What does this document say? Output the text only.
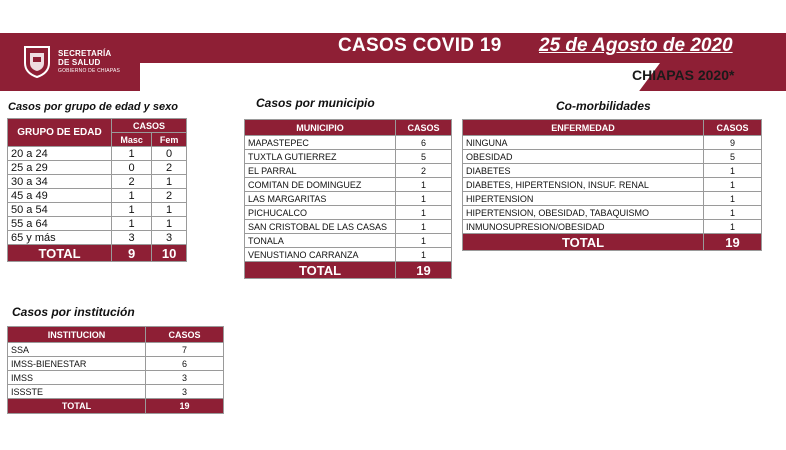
SECRETARÍA
DE SALUD
GOBIERNO DE CHIAPAS
CASOS COVID 19 25 de Agosto de 2020
CHIAPAS 2020*
Casos por grupo de edad y sexo
GRUPO DE EDAD	CASOS	
	Masc	Fem
20 a 24	1	0
25 a 29	0	2
30 a 34	2	1
45 a 49	1	2
50 a 54	1	1
55 a 64	1	1
65 y más	3	3
TOTAL	9	10
Casos por municipio
MUNICIPIO	CASOS
MAPASTEPEC	6
TUXTLA GUTIERREZ	5
EL PARRAL	2
COMITAN DE DOMINGUEZ	1
LAS MARGARITAS	1
PICHUCALCO	1
SAN CRISTOBAL DE LAS CASAS	1
TONALA	1
VENUSTIANO CARRANZA	1
TOTAL	19
Co-morbilidades
ENFERMEDAD	CASOS
NINGUNA	9
OBESIDAD	5
DIABETES	1
DIABETES, HIPERTENSION, INSUF. RENAL	1
HIPERTENSION	1
HIPERTENSION, OBESIDAD, TABAQUISMO	1
INMUNOSUPRESION/OBESIDAD	1
TOTAL	19
Casos por institución
INSTITUCION	CASOS
SSA	7
IMSS-BIENESTAR	6
IMSS	3
ISSSTE	3
TOTAL	19
